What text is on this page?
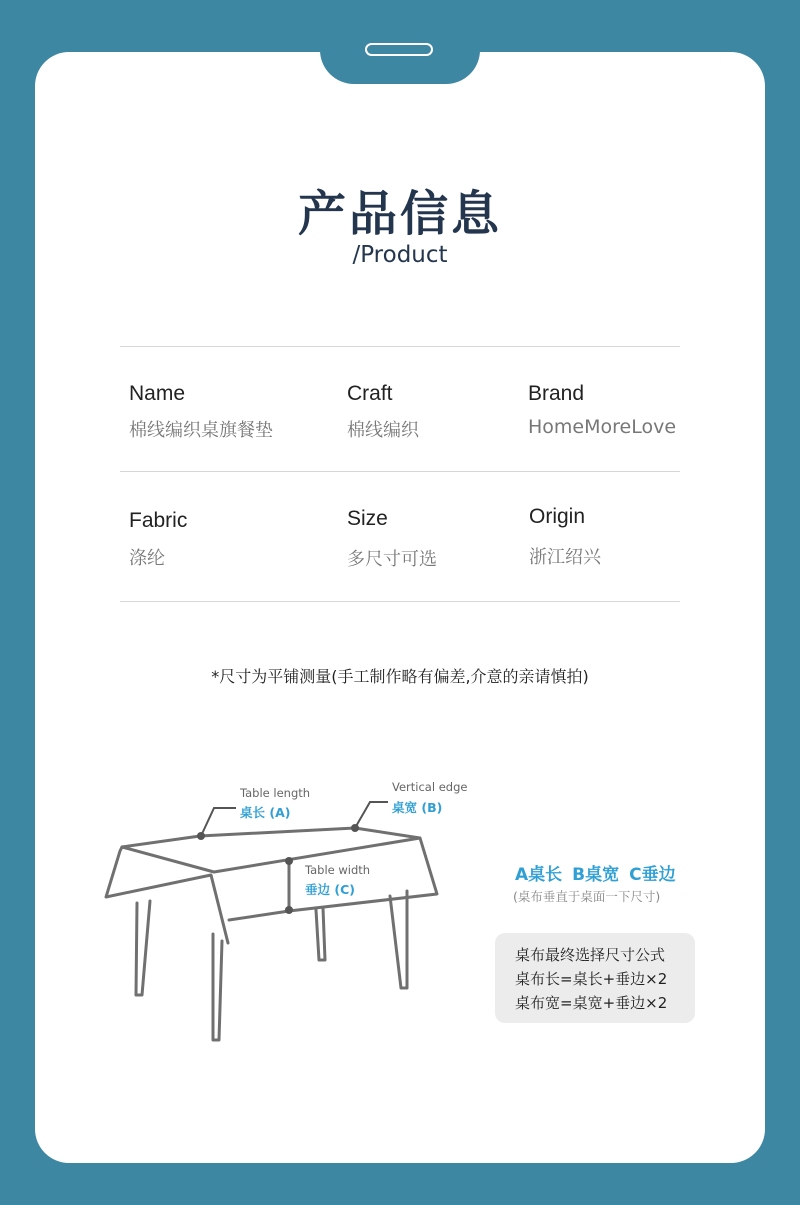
产品信息
/Product
Name
棉线编织桌旗餐垫
Craft
棉线编织
Brand
HomeMoreLove
Fabric
涤纶
Size
多尺寸可选
Origin
浙江绍兴
*尺寸为平铺测量(手工制作略有偏差,介意的亲请慎拍)
Table length
桌长 (A)
Vertical edge
桌宽 (B)
Table width
垂边 (C)
A桌长 B桌宽 C垂边
(桌布垂直于桌面一下尺寸)
桌布最终选择尺寸公式
桌布长=桌长+垂边×2
桌布宽=桌宽+垂边×2
